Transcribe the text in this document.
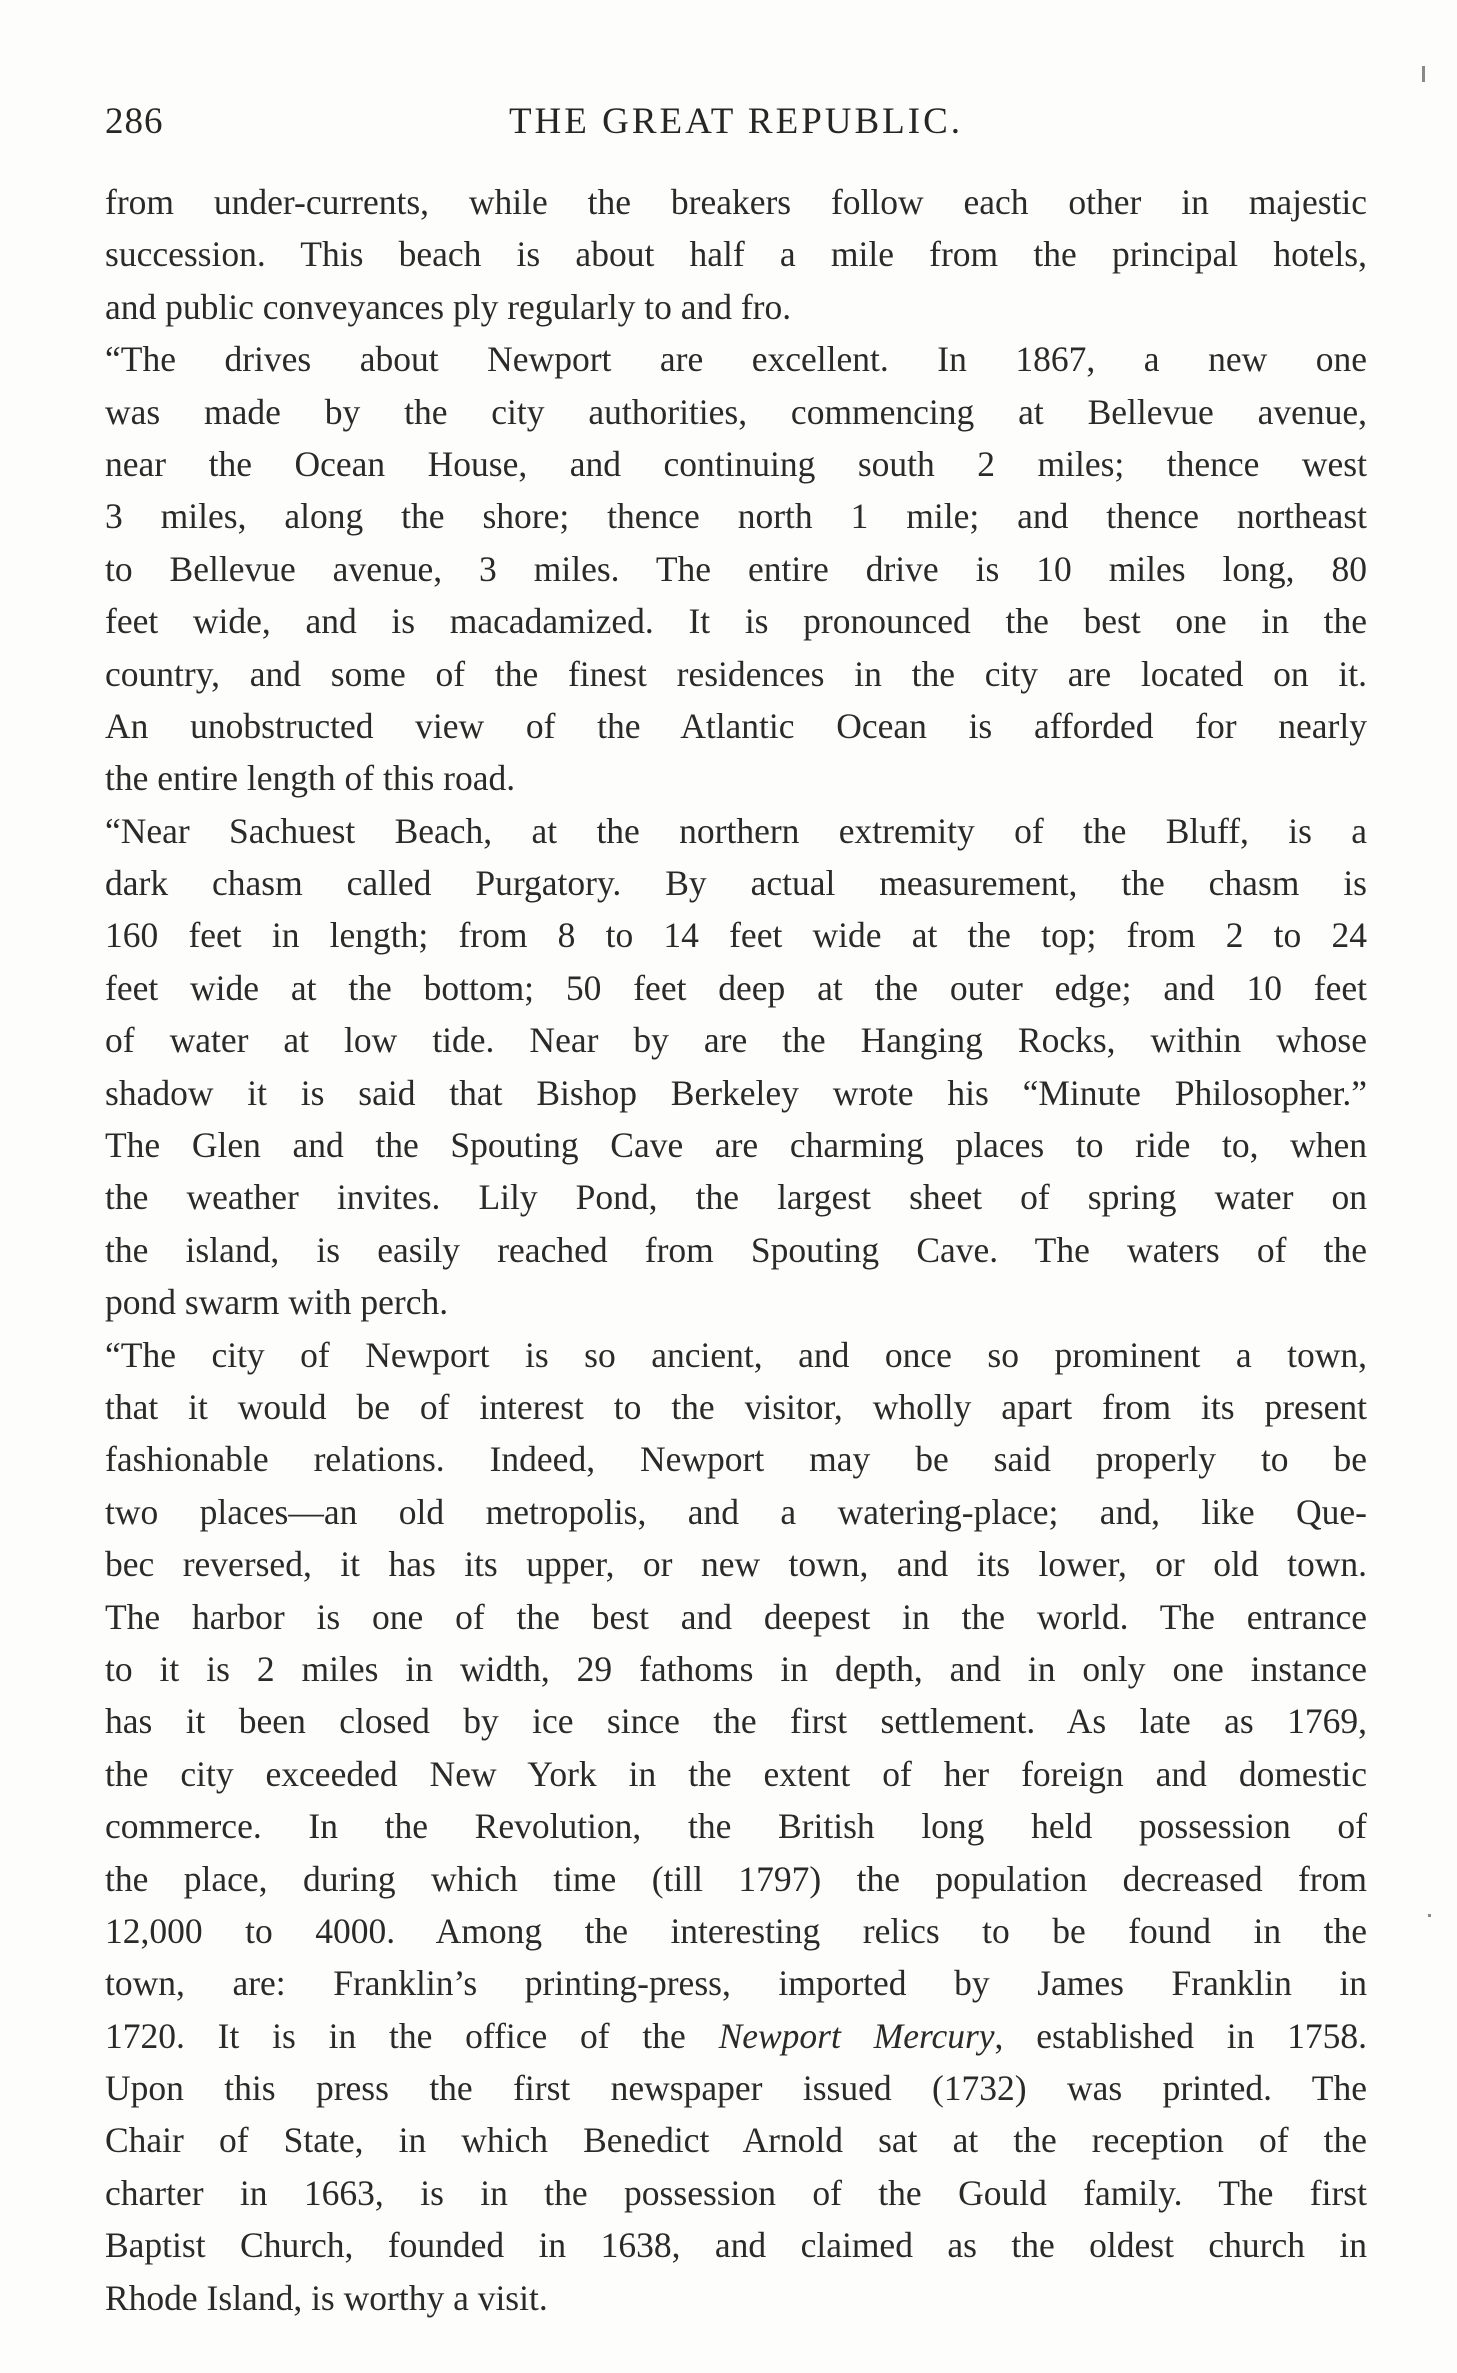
286	THE GREAT REPUBLIC.
from under-currents, while the breakers follow each other in majestic
succession. This beach is about half a mile from the principal hotels,
and public conveyances ply regularly to and fro.
“The drives about Newport are excellent. In 1867, a new one
was made by the city authorities, commencing at Bellevue avenue,
near the Ocean House, and continuing south 2 miles; thence west
3 miles, along the shore; thence north 1 mile; and thence northeast
to Bellevue avenue, 3 miles. The entire drive is 10 miles long, 80
feet wide, and is macadamized. It is pronounced the best one in the
country, and some of the finest residences in the city are located on it.
An unobstructed view of the Atlantic Ocean is afforded for nearly
the entire length of this road.
“Near Sachuest Beach, at the northern extremity of the Bluff, is a
dark chasm called Purgatory. By actual measurement, the chasm is
160 feet in length; from 8 to 14 feet wide at the top; from 2 to 24
feet wide at the bottom; 50 feet deep at the outer edge; and 10 feet
of water at low tide. Near by are the Hanging Rocks, within whose
shadow it is said that Bishop Berkeley wrote his “Minute Philosopher.”
The Glen and the Spouting Cave are charming places to ride to, when
the weather invites. Lily Pond, the largest sheet of spring water on
the island, is easily reached from Spouting Cave. The waters of the
pond swarm with perch.
“The city of Newport is so ancient, and once so prominent a town,
that it would be of interest to the visitor, wholly apart from its present
fashionable relations. Indeed, Newport may be said properly to be
two places—an old metropolis, and a watering-place; and, like Que-
bec reversed, it has its upper, or new town, and its lower, or old town.
The harbor is one of the best and deepest in the world. The entrance
to it is 2 miles in width, 29 fathoms in depth, and in only one instance
has it been closed by ice since the first settlement. As late as 1769,
the city exceeded New York in the extent of her foreign and domestic
commerce. In the Revolution, the British long held possession of
the place, during which time (till 1797) the population decreased from
12,000 to 4000. Among the interesting relics to be found in the
town, are: Franklin’s printing-press, imported by James Franklin in
1720. It is in the office of the Newport Mercury, established in 1758.
Upon this press the first newspaper issued (1732) was printed. The
Chair of State, in which Benedict Arnold sat at the reception of the
charter in 1663, is in the possession of the Gould family. The first
Baptist Church, founded in 1638, and claimed as the oldest church in
Rhode Island, is worthy a visit.
